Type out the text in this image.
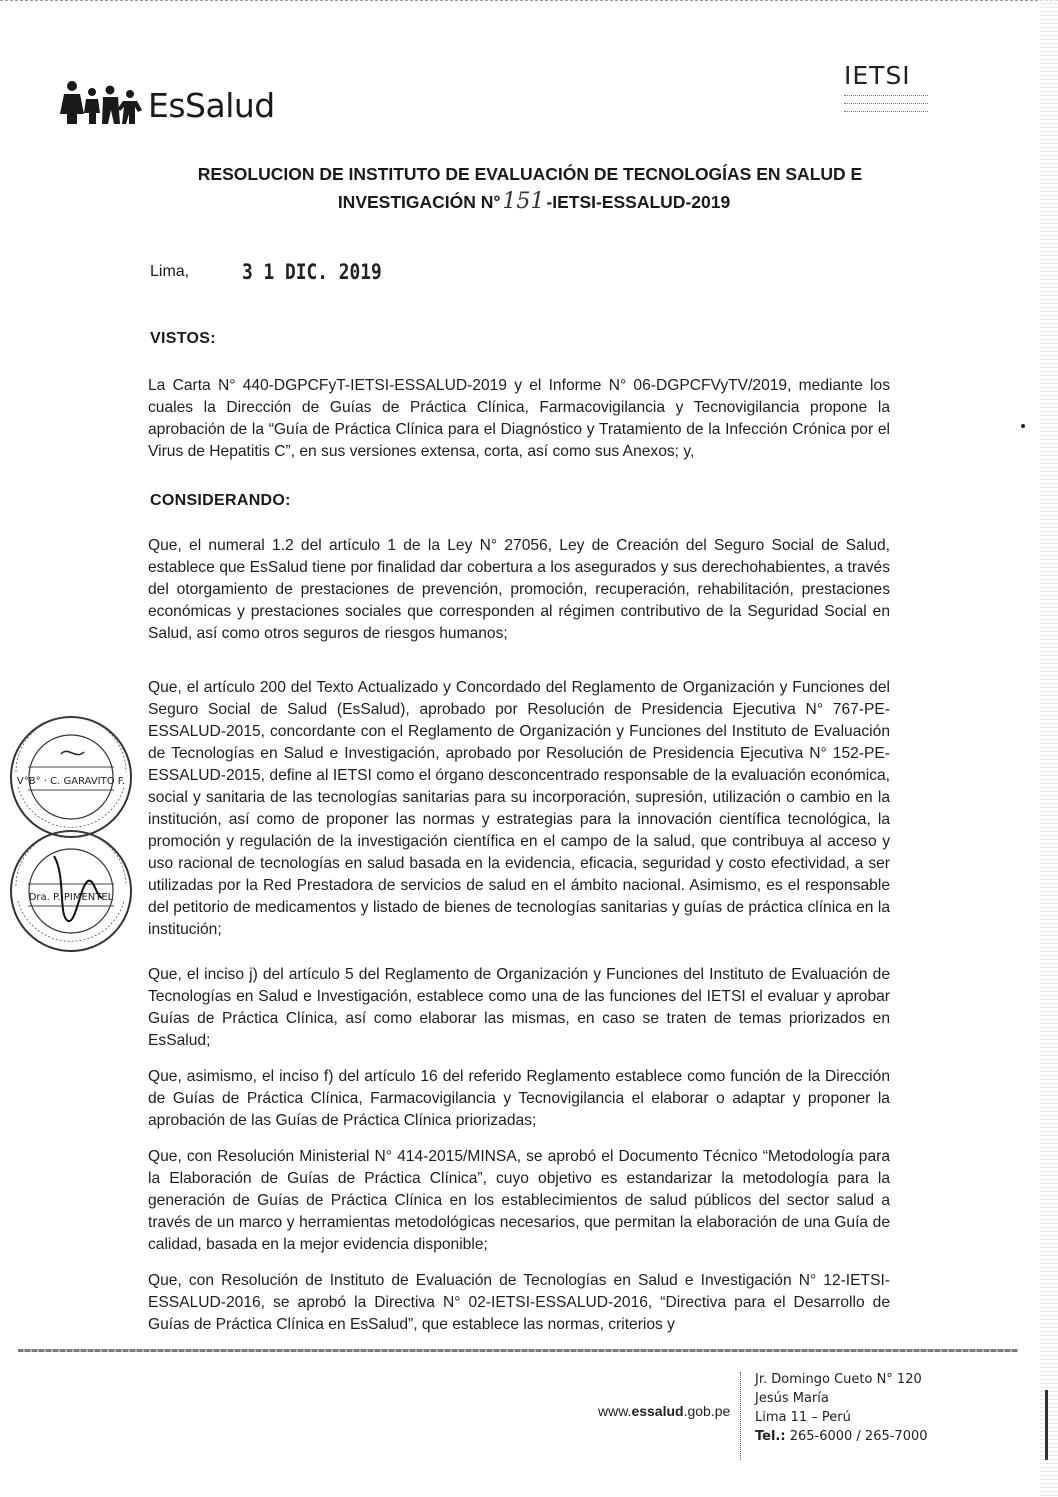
EsSalud
IETSI
RESOLUCION DE INSTITUTO DE EVALUACIÓN DE TECNOLOGÍAS EN SALUD E
INVESTIGACIÓN N°151 -IETSI-ESSALUD-2019
Lima,	3 1 DIC. 2019
VISTOS:
La Carta N° 440-DGPCFyT-IETSI-ESSALUD-2019 y el Informe N° 06-DGPCFVyTV/2019, mediante los cuales la Dirección de Guías de Práctica Clínica, Farmacovigilancia y Tecnovigilancia propone la aprobación de la “Guía de Práctica Clínica para el Diagnóstico y Tratamiento de la Infección Crónica por el Virus de Hepatitis C”, en sus versiones extensa, corta, así como sus Anexos; y,
CONSIDERANDO:
Que, el numeral 1.2 del artículo 1 de la Ley N° 27056, Ley de Creación del Seguro Social de Salud, establece que EsSalud tiene por finalidad dar cobertura a los asegurados y sus derechohabientes, a través del otorgamiento de prestaciones de prevención, promoción, recuperación, rehabilitación, prestaciones económicas y prestaciones sociales que corresponden al régimen contributivo de la Seguridad Social en Salud, así como otros seguros de riesgos humanos;
Que, el artículo 200 del Texto Actualizado y Concordado del Reglamento de Organización y Funciones del Seguro Social de Salud (EsSalud), aprobado por Resolución de Presidencia Ejecutiva N° 767-PE-ESSALUD-2015, concordante con el Reglamento de Organización y Funciones del Instituto de Evaluación de Tecnologías en Salud e Investigación, aprobado por Resolución de Presidencia Ejecutiva N° 152-PE-ESSALUD-2015, define al IETSI como el órgano desconcentrado responsable de la evaluación económica, social y sanitaria de las tecnologías sanitarias para su incorporación, supresión, utilización o cambio en la institución, así como de proponer las normas y estrategias para la innovación científica tecnológica, la promoción y regulación de la investigación científica en el campo de la salud, que contribuya al acceso y uso racional de tecnologías en salud basada en la evidencia, eficacia, seguridad y costo efectividad, a ser utilizadas por la Red Prestadora de servicios de salud en el ámbito nacional. Asimismo, es el responsable del petitorio de medicamentos y listado de bienes de tecnologías sanitarias y guías de práctica clínica en la institución;
Que, el inciso j) del artículo 5 del Reglamento de Organización y Funciones del Instituto de Evaluación de Tecnologías en Salud e Investigación, establece como una de las funciones del IETSI el evaluar y aprobar Guías de Práctica Clínica, así como elaborar las mismas, en caso se traten de temas priorizados en EsSalud;
Que, asimismo, el inciso f) del artículo 16 del referido Reglamento establece como función de la Dirección de Guías de Práctica Clínica, Farmacovigilancia y Tecnovigilancia el elaborar o adaptar y proponer la aprobación de las Guías de Práctica Clínica priorizadas;
Que, con Resolución Ministerial N° 414-2015/MINSA, se aprobó el Documento Técnico “Metodología para la Elaboración de Guías de Práctica Clínica”, cuyo objetivo es estandarizar la metodología para la generación de Guías de Práctica Clínica en los establecimientos de salud públicos del sector salud a través de un marco y herramientas metodológicas necesarios, que permitan la elaboración de una Guía de calidad, basada en la mejor evidencia disponible;
Que, con Resolución de Instituto de Evaluación de Tecnologías en Salud e Investigación N° 12-IETSI-ESSALUD-2016, se aprobó la Directiva N° 02-IETSI-ESSALUD-2016, “Directiva para el Desarrollo de Guías de Práctica Clínica en EsSalud”, que establece las normas, criterios y
V°B° · C. GARAVITO F.
Dra. P. PIMENTEL
www.essalud.gob.pe
Jr. Domingo Cueto N° 120
Jesús María
Lima 11 – Perú
Tel.: 265-6000 / 265-7000
